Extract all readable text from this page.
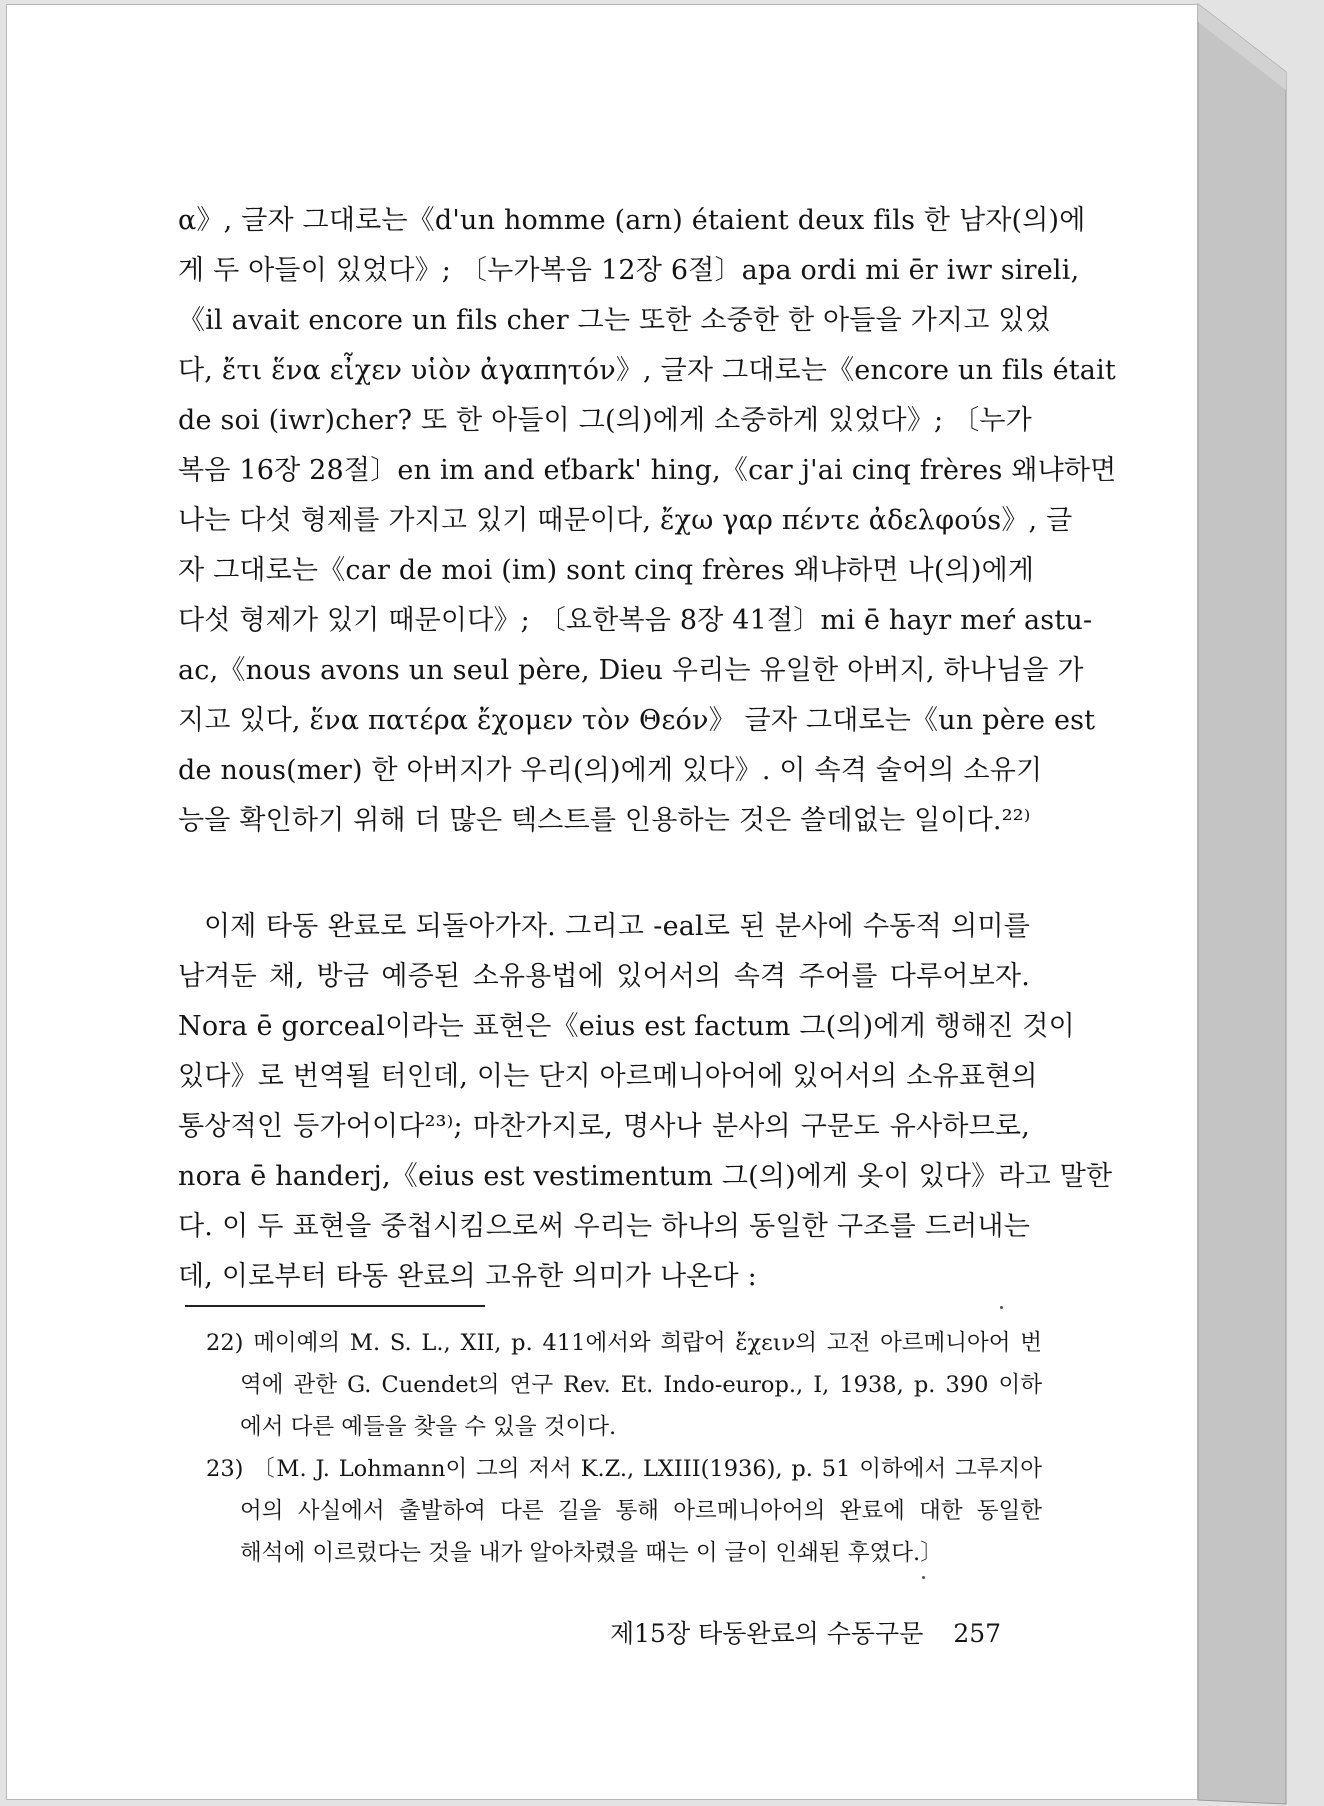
α》, 글자 그대로는《d'un homme (arn) étaient deux fils 한 남자(의)에
게 두 아들이 있었다》; 〔누가복음 12장 6절〕apa ordi mi ēr iwr sireli,
《il avait encore un fils cher 그는 또한 소중한 한 아들을 가지고 있었
다, ἔτι ἕνα εἶχεν υἱὸν ἀγαπητόν》, 글자 그대로는《encore un fils était
de soi (iwr)cher? 또 한 아들이 그(의)에게 소중하게 있었다》; 〔누가
복음 16장 28절〕en im and eťbark' hing,《car j'ai cinq frères 왜냐하면
나는 다섯 형제를 가지고 있기 때문이다, ἔχω γαρ πέντε ἀδελφούs》, 글
자 그대로는《car de moi (im) sont cinq frères 왜냐하면 나(의)에게
다섯 형제가 있기 때문이다》; 〔요한복음 8장 41절〕mi ē hayr meŕ astu-
ac,《nous avons un seul père, Dieu 우리는 유일한 아버지, 하나님을 가
지고 있다, ἕνα πατέρα ἔχομεν τὸν Θεόν》 글자 그대로는《un père est
de nous(mer) 한 아버지가 우리(의)에게 있다》. 이 속격 술어의 소유기
능을 확인하기 위해 더 많은 텍스트를 인용하는 것은 쓸데없는 일이다.²²⁾
이제 타동 완료로 되돌아가자. 그리고 -eal로 된 분사에 수동적 의미를
남겨둔 채, 방금 예증된 소유용법에 있어서의 속격 주어를 다루어보자.
Nora ē gorceal이라는 표현은《eius est factum 그(의)에게 행해진 것이
있다》로 번역될 터인데, 이는 단지 아르메니아어에 있어서의 소유표현의
통상적인 등가어이다²³⁾; 마찬가지로, 명사나 분사의 구문도 유사하므로,
nora ē handerj,《eius est vestimentum 그(의)에게 옷이 있다》라고 말한
다. 이 두 표현을 중첩시킴으로써 우리는 하나의 동일한 구조를 드러내는
데, 이로부터 타동 완료의 고유한 의미가 나온다 :
22) 메이예의 M. S. L., XII, p. 411에서와 희랍어 ἔχειν의 고전 아르메니아어 번
역에 관한 G. Cuendet의 연구 Rev. Et. Indo-europ., I, 1938, p. 390 이하
에서 다른 예들을 찾을 수 있을 것이다.
23) 〔M. J. Lohmann이 그의 저서 K.Z., LXIII(1936), p. 51 이하에서 그루지아
어의 사실에서 출발하여 다른 길을 통해 아르메니아어의 완료에 대한 동일한
해석에 이르렀다는 것을 내가 알아차렸을 때는 이 글이 인쇄된 후였다.〕
제15장 타동완료의 수동구문 257
